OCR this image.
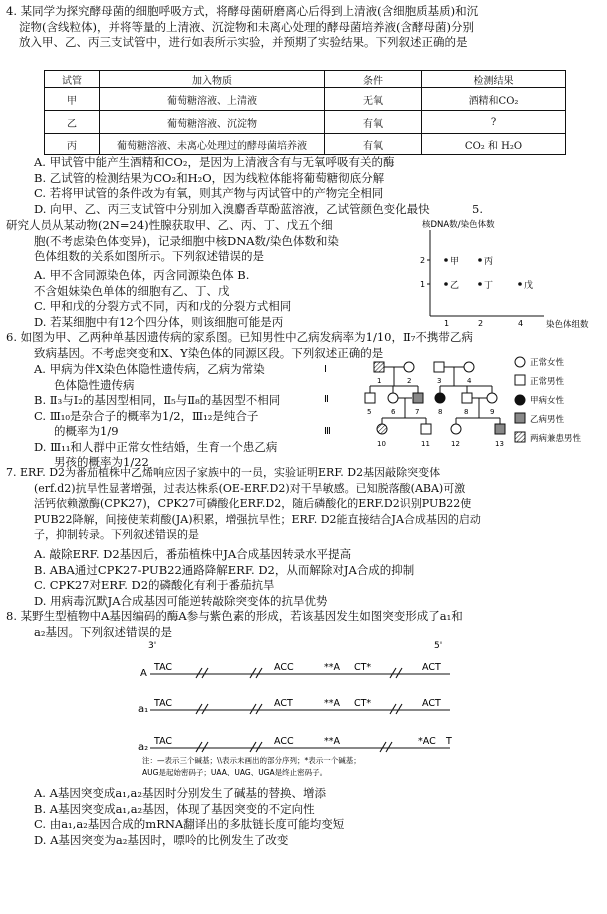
4. 某同学为探究酵母菌的细胞呼吸方式，将酵母菌研磨离心后得到上清液(含细胞质基质)和沉
淀物(含线粒体)，并将等量的上清液、沉淀物和未离心处理的酵母菌培养液(含酵母菌)分别
放入甲、乙、丙三支试管中，进行如表所示实验，并预期了实验结果。下列叙述正确的是
试管	加入物质	条件	检测结果
甲	葡萄糖溶液、上清液	无氧	酒精和CO₂
乙	葡萄糖溶液、沉淀物	有氧	?
丙	葡萄糖溶液、未离心处理过的酵母菌培养液	有氧	CO₂ 和 H₂O
A. 甲试管中能产生酒精和CO₂，是因为上清液含有与无氧呼吸有关的酶
B. 乙试管的检测结果为CO₂和H₂O，因为线粒体能将葡萄糖彻底分解
C. 若将甲试管的条件改为有氧，则其产物与丙试管中的产物完全相同
D. 向甲、乙、丙三支试管中分别加入溴麝香草酚蓝溶液，乙试管颜色变化最快	5.
研究人员从某动物(2N=24)性腺获取甲、乙、丙、丁、戊五个细
胞(不考虑染色体变异)，记录细胞中核DNA数/染色体数和染
色体组数的关系如图所示。下列叙述错误的是
A. 甲不含同源染色体，丙含同源染色体 B.
不含姐妹染色单体的细胞有乙、丁、戊
C. 甲和戊的分裂方式不同，丙和戊的分裂方式相同
D. 若某细胞中有12个四分体，则该细胞可能是丙
核DNA数/染色体数
1	2	4
1
2	甲	丙
乙	丁	戊
染色体组数
6. 如图为甲、乙两种单基因遗传病的家系图。已知男性中乙病发病率为1/10，Ⅱ₇不携带乙病
致病基因。不考虑突变和X、Y染色体的同源区段。下列叙述正确的是
A. 甲病为伴X染色体隐性遗传病，乙病为常染
色体隐性遗传病
B. Ⅱ₃与Ⅰ₂的基因型相同，Ⅱ₅与Ⅱ₈的基因型不相同
C. Ⅲ₁₀是杂合子的概率为1/2，Ⅲ₁₂是纯合子
的概率为1/9
D. Ⅲ₁₁和人群中正常女性结婚，生育一个患乙病
男孩的概率为1/22
Ⅰ
Ⅱ
Ⅲ
1	2	3	4
5	6	7	8	8	9
10	11	12	13
正常女性
正常男性
甲病女性
乙病男性
两病兼患男性
7. ERF. D2为番茄植株中乙烯响应因子家族中的一员，实验证明ERF. D2基因敲除突变体
(erf.d2)抗旱性显著增强，过表达株系(OE-ERF.D2)对干旱敏感。已知脱落酸(ABA)可激
活钙依赖激酶(CPK27)，CPK27可磷酸化ERF.D2，随后磷酸化的ERF.D2识别PUB22使
PUB22降解，间接使茉莉酸(JA)积累，增强抗旱性；ERF. D2能直接结合JA合成基因的启动
子，抑制转录。下列叙述错误的是
A. 敲除ERF. D2基因后，番茄植株中JA合成基因转录水平提高
B. ABA通过CPK27-PUB22通路降解ERF. D2，从而解除对JA合成的抑制
C. CPK27对ERF. D2的磷酸化有利于番茄抗旱
D. 用病毒沉默JA合成基因可能逆转敲除突变体的抗旱优势
8. 某野生型植物中A基因编码的酶A参与紫色素的形成，若该基因发生如图突变形成了a₁和
a₂基因。下列叙述错误的是
3'	5'
A
TAC	ACC	**A CT*	ACT
a₁
TAC	ACT	**A CT*	ACT
a₂
TAC	ACC	**A	*AC T
注：—表示三个碱基；\\表示未画出的部分序列；*表示一个碱基；
AUG是起始密码子；UAA、UAG、UGA是终止密码子。
A. A基因突变成a₁,a₂基因时分别发生了碱基的替换、增添
B. A基因突变成a₁,a₂基因，体现了基因突变的不定向性
C. 由a₁,a₂基因合成的mRNA翻译出的多肽链长度可能均变短
D. A基因突变为a₂基因时，嘌呤的比例发生了改变
